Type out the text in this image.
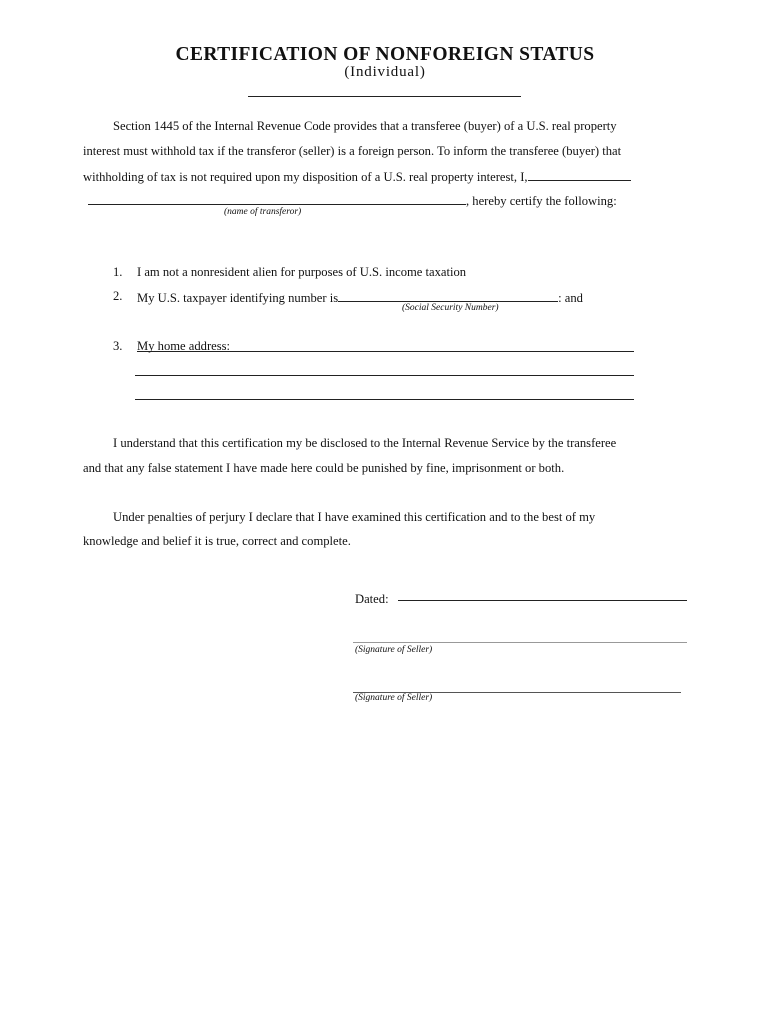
CERTIFICATION OF NONFOREIGN STATUS
(Individual)
Section 1445 of the Internal Revenue Code provides that a transferee (buyer) of a U.S. real property
interest must withhold tax if the transferor (seller) is a foreign person. To inform the transferee (buyer) that
withholding of tax is not required upon my disposition of a U.S. real property interest, I,
, hereby certify the following:
(name of transferor)
1. I am not a nonresident alien for purposes of U.S. income taxation
2. My U.S. taxpayer identifying number is	: and
(Social Security Number)
3. My home address:
I understand that this certification my be disclosed to the Internal Revenue Service by the transferee
and that any false statement I have made here could be punished by fine, imprisonment or both.
Under penalties of perjury I declare that I have examined this certification and to the best of my
knowledge and belief it is true, correct and complete.
Dated:
(Signature of Seller)
(Signature of Seller)
